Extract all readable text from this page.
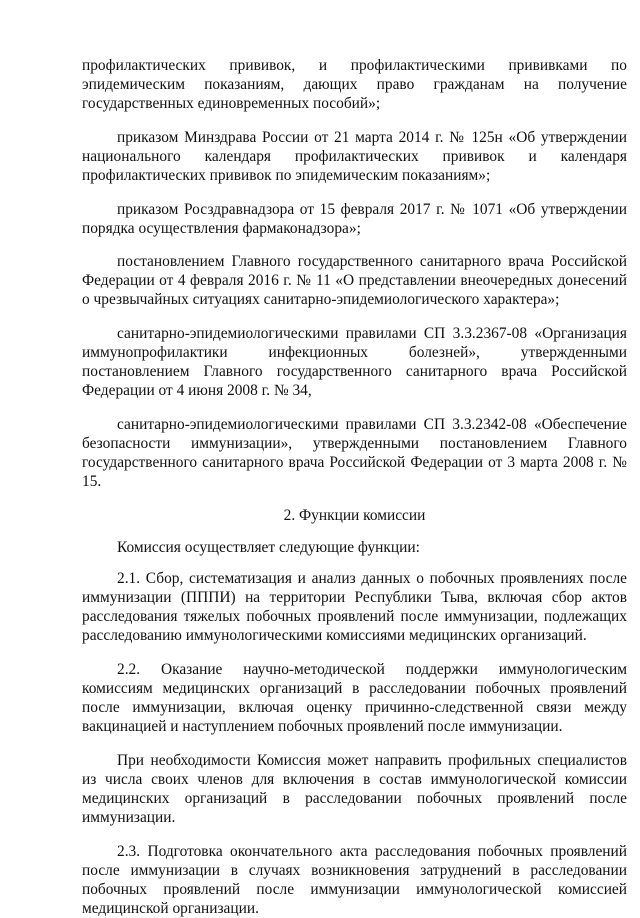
профилактических прививок, и профилактическими прививками по эпидемическим показаниям, дающих право гражданам на получение государственных единовременных пособий»;

приказом Минздрава России от 21 марта 2014 г. № 125н «Об утверждении национального календаря профилактических прививок и календаря профилактических прививок по эпидемическим показаниям»;

приказом Росздравнадзора от 15 февраля 2017 г. № 1071 «Об утверждении порядка осуществления фармаконадзора»;

постановлением Главного государственного санитарного врача Российской Федерации от 4 февраля 2016 г. № 11 «О представлении внеочередных донесений о чрезвычайных ситуациях санитарно-эпидемиологического характера»;

санитарно-эпидемиологическими правилами СП 3.3.2367-08 «Организация иммунопрофилактики инфекционных болезней», утвержденными постановлением Главного государственного санитарного врача Российской Федерации от 4 июня 2008 г. № 34,

санитарно-эпидемиологическими правилами СП 3.3.2342-08 «Обеспечение безопасности иммунизации», утвержденными постановлением Главного государственного санитарного врача Российской Федерации от 3 марта 2008 г. № 15.

2. Функции комиссии

Комиссия осуществляет следующие функции:

2.1. Сбор, систематизация и анализ данных о побочных проявлениях после иммунизации (ПППИ) на территории Республики Тыва, включая сбор актов расследования тяжелых побочных проявлений после иммунизации, подлежащих расследованию иммунологическими комиссиями медицинских организаций.

2.2. Оказание научно-методической поддержки иммунологическим комиссиям медицинских организаций в расследовании побочных проявлений после иммунизации, включая оценку причинно-следственной связи между вакцинацией и наступлением побочных проявлений после иммунизации.

При необходимости Комиссия может направить профильных специалистов из числа своих членов для включения в состав иммунологической комиссии медицинских организаций в расследовании побочных проявлений после иммунизации.

2.3. Подготовка окончательного акта расследования побочных проявлений после иммунизации в случаях возникновения затруднений в расследовании побочных проявлений после иммунизации иммунологической комиссией медицинской организации.
